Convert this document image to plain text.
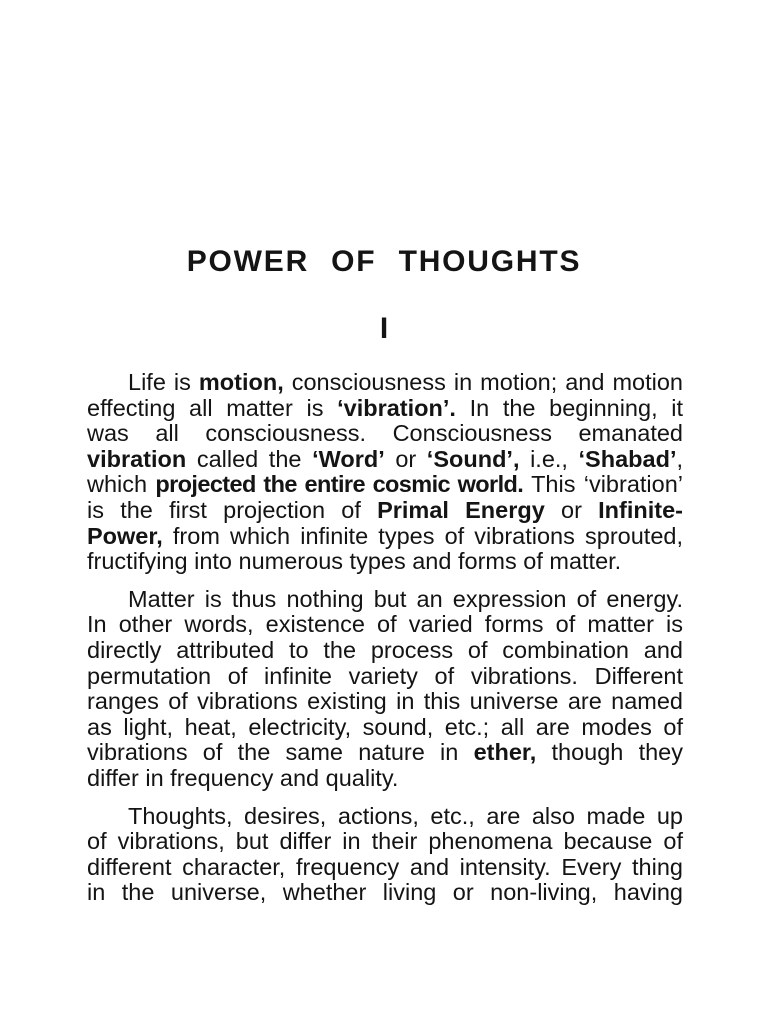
POWER OF THOUGHTS
I
Life is motion, consciousness in motion; and motion
effecting all matter is ‘vibration’. In the beginning, it
was all consciousness. Consciousness emanated
vibration called the ‘Word’ or ‘Sound’, i.e., ‘Shabad’,
which projected the entire cosmic world. This ‘vibration’
is the first projection of Primal Energy or Infinite-
Power, from which infinite types of vibrations sprouted,
fructifying into numerous types and forms of matter.
Matter is thus nothing but an expression of energy.
In other words, existence of varied forms of matter is
directly attributed to the process of combination and
permutation of infinite variety of vibrations. Different
ranges of vibrations existing in this universe are named
as light, heat, electricity, sound, etc.; all are modes of
vibrations of the same nature in ether, though they
differ in frequency and quality.
Thoughts, desires, actions, etc., are also made up
of vibrations, but differ in their phenomena because of
different character, frequency and intensity. Every thing
in the universe, whether living or non-living, having
